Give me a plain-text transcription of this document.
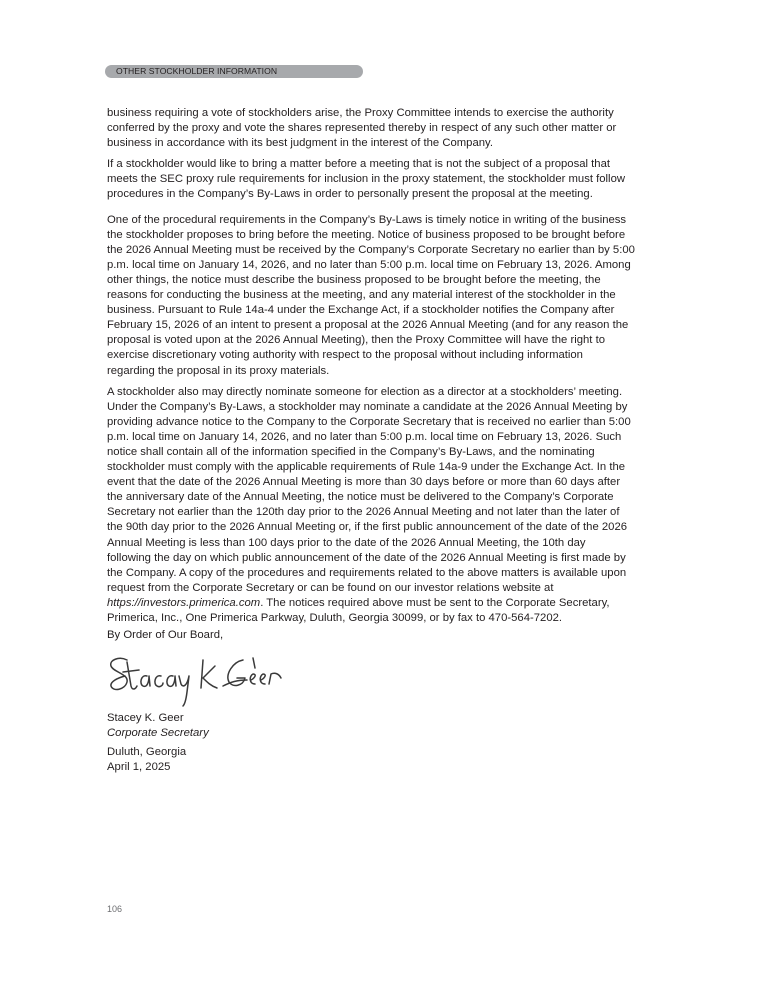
OTHER STOCKHOLDER INFORMATION

business requiring a vote of stockholders arise, the Proxy Committee intends to exercise the authority
conferred by the proxy and vote the shares represented thereby in respect of any such other matter or
business in accordance with its best judgment in the interest of the Company.

If a stockholder would like to bring a matter before a meeting that is not the subject of a proposal that
meets the SEC proxy rule requirements for inclusion in the proxy statement, the stockholder must follow
procedures in the Company’s By-Laws in order to personally present the proposal at the meeting.

One of the procedural requirements in the Company’s By-Laws is timely notice in writing of the business
the stockholder proposes to bring before the meeting. Notice of business proposed to be brought before
the 2026 Annual Meeting must be received by the Company’s Corporate Secretary no earlier than by 5:00
p.m. local time on January 14, 2026, and no later than 5:00 p.m. local time on February 13, 2026. Among
other things, the notice must describe the business proposed to be brought before the meeting, the
reasons for conducting the business at the meeting, and any material interest of the stockholder in the
business. Pursuant to Rule 14a-4 under the Exchange Act, if a stockholder notifies the Company after
February 15, 2026 of an intent to present a proposal at the 2026 Annual Meeting (and for any reason the
proposal is voted upon at the 2026 Annual Meeting), then the Proxy Committee will have the right to
exercise discretionary voting authority with respect to the proposal without including information
regarding the proposal in its proxy materials.

A stockholder also may directly nominate someone for election as a director at a stockholders’ meeting.
Under the Company’s By-Laws, a stockholder may nominate a candidate at the 2026 Annual Meeting by
providing advance notice to the Company to the Corporate Secretary that is received no earlier than 5:00
p.m. local time on January 14, 2026, and no later than 5:00 p.m. local time on February 13, 2026. Such
notice shall contain all of the information specified in the Company’s By-Laws, and the nominating
stockholder must comply with the applicable requirements of Rule 14a-9 under the Exchange Act. In the
event that the date of the 2026 Annual Meeting is more than 30 days before or more than 60 days after
the anniversary date of the Annual Meeting, the notice must be delivered to the Company’s Corporate
Secretary not earlier than the 120th day prior to the 2026 Annual Meeting and not later than the later of
the 90th day prior to the 2026 Annual Meeting or, if the first public announcement of the date of the 2026
Annual Meeting is less than 100 days prior to the date of the 2026 Annual Meeting, the 10th day
following the day on which public announcement of the date of the 2026 Annual Meeting is first made by
the Company. A copy of the procedures and requirements related to the above matters is available upon
request from the Corporate Secretary or can be found on our investor relations website at
https://investors.primerica.com. The notices required above must be sent to the Corporate Secretary,
Primerica, Inc., One Primerica Parkway, Duluth, Georgia 30099, or by fax to 470-564-7202.

By Order of Our Board,
Stacey K. Geer
Corporate Secretary
Duluth, Georgia
April 1, 2025
106
